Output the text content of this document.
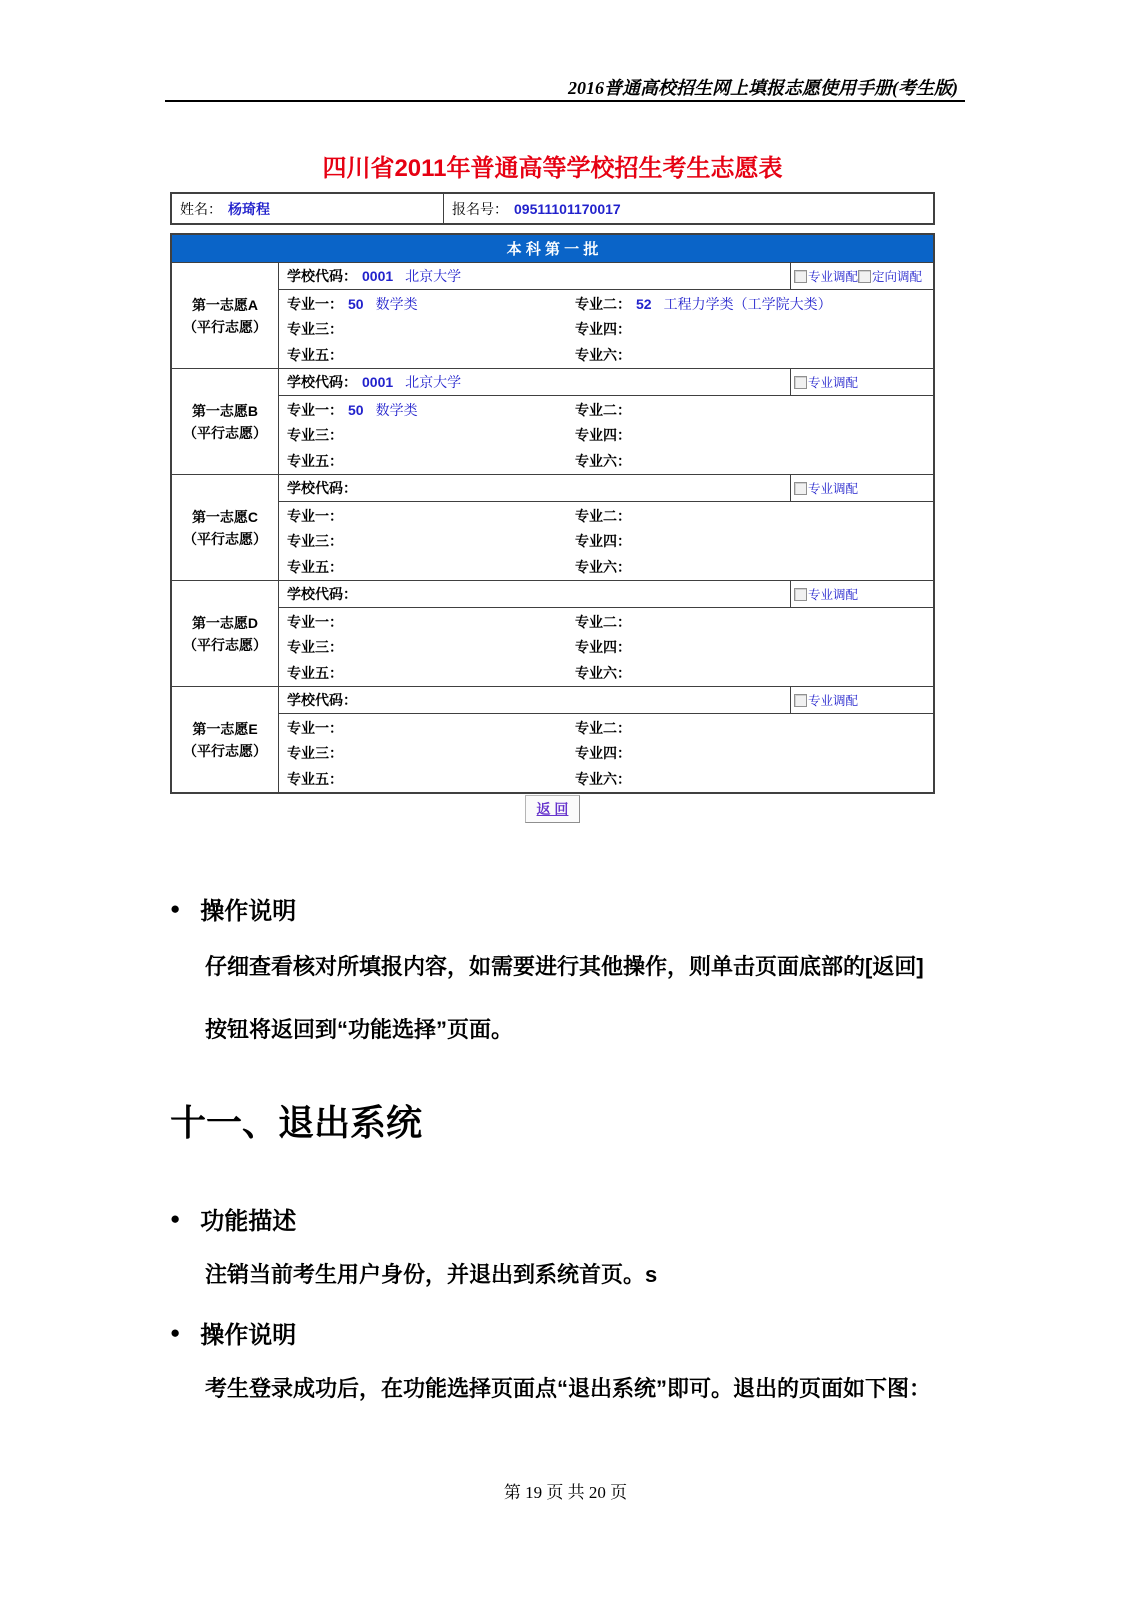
2016普通高校招生网上填报志愿使用手册(考生版)
四川省2011年普通高等学校招生考生志愿表
姓名： 杨琦程	报名号： 09511101170017
本 科 第 一 批
第一志愿A
（平行志愿）
学校代码： 0001 北京大学	专业调配 定向调配
专业一： 50 数学类	专业二： 52 工程力学类（工学院大类）
专业三：	专业四：
专业五：	专业六：
第一志愿B
（平行志愿）
学校代码： 0001 北京大学	专业调配
专业一： 50 数学类	专业二：
专业三：	专业四：
专业五：	专业六：
第一志愿C
（平行志愿）
学校代码：	专业调配
专业一：	专业二：
专业三：	专业四：
专业五：	专业六：
第一志愿D
（平行志愿）
学校代码：	专业调配
专业一：	专业二：
专业三：	专业四：
专业五：	专业六：
第一志愿E
（平行志愿）
学校代码：	专业调配
专业一：	专业二：
专业三：	专业四：
专业五：	专业六：
返 回
● 操作说明
仔细查看核对所填报内容，如需要进行其他操作，则单击页面底部的[返回]
按钮将返回到“功能选择”页面。
十一、退出系统
● 功能描述
注销当前考生用户身份，并退出到系统首页。s
● 操作说明
考生登录成功后，在功能选择页面点“退出系统”即可。退出的页面如下图：
第 19 页 共 20 页
